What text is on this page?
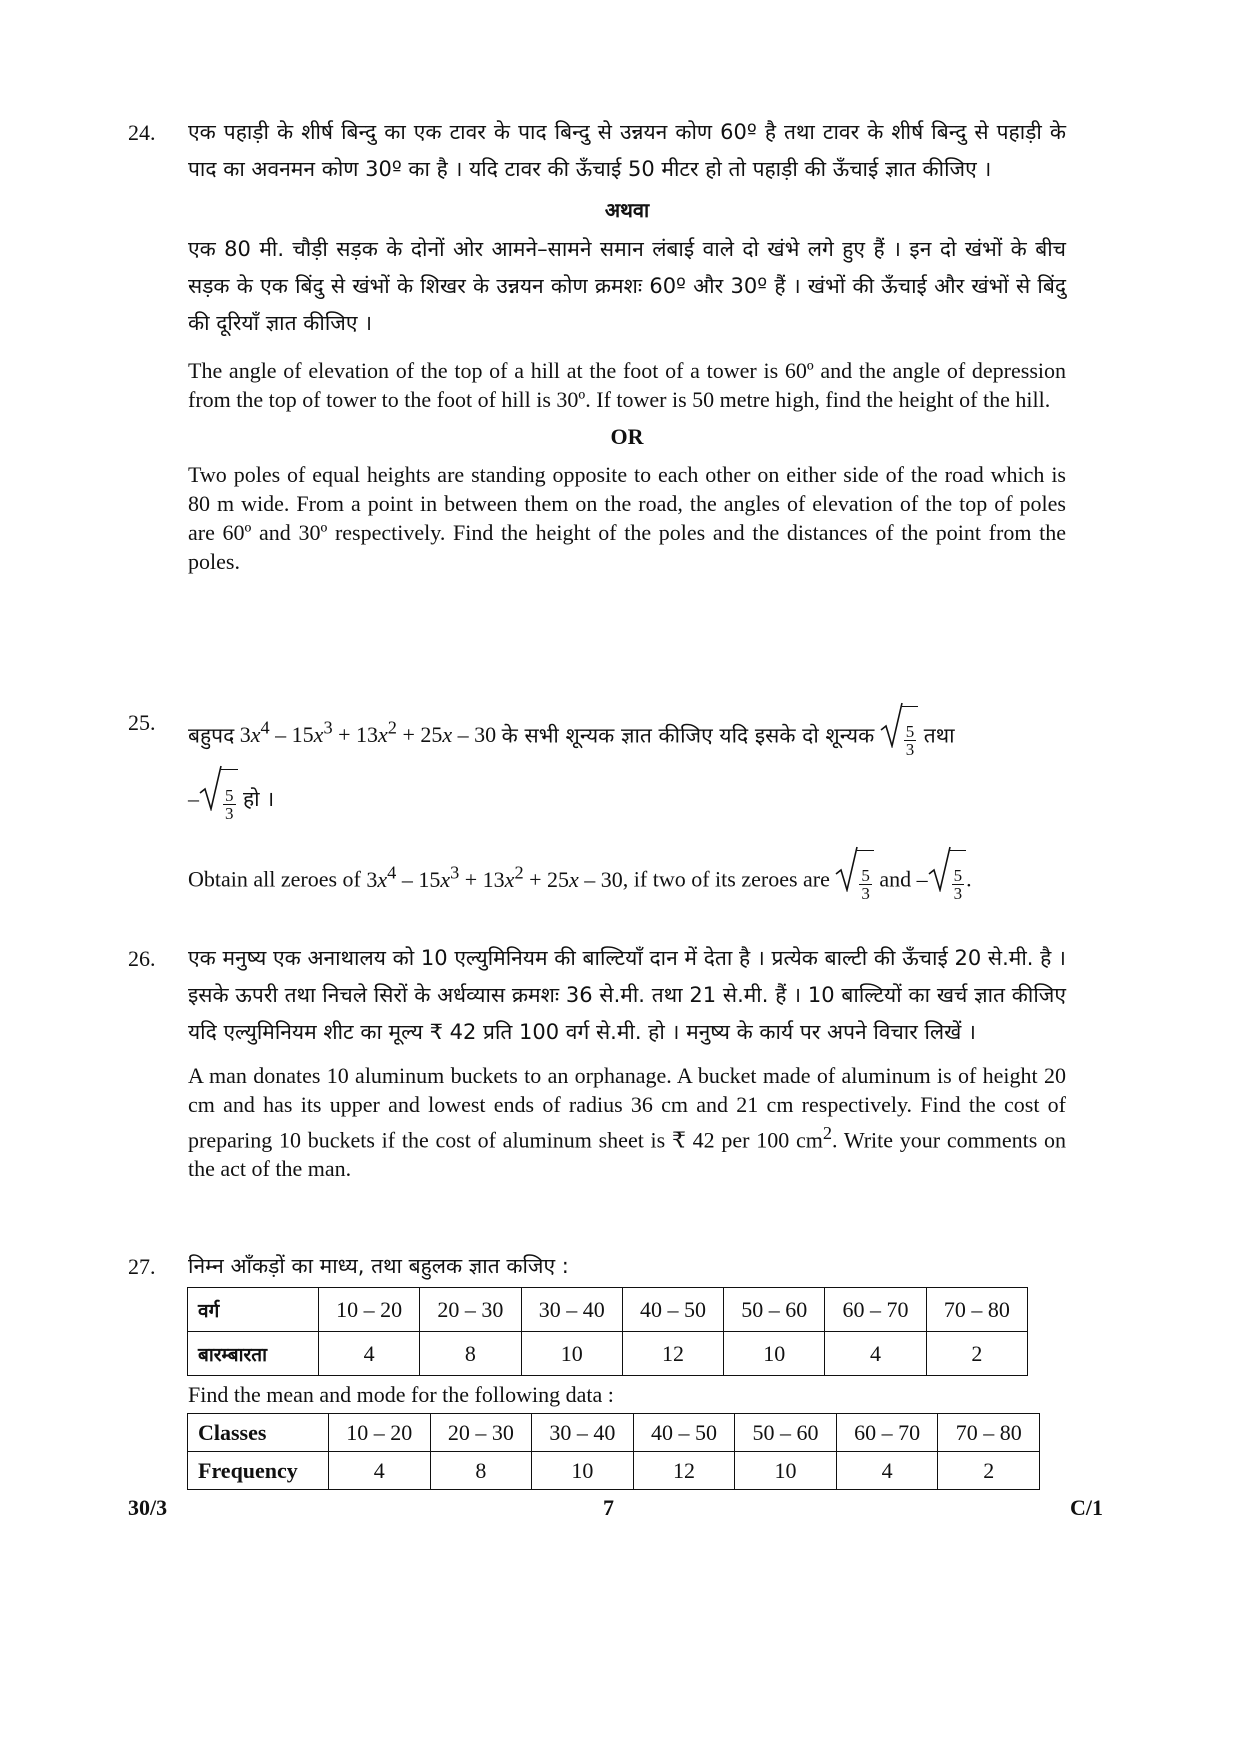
24. एक पहाड़ी के शीर्ष बिन्दु का एक टावर के पाद बिन्दु से उन्नयन कोण 60º है तथा टावर के शीर्ष बिन्दु से पहाड़ी के पाद का अवनमन कोण 30º का है । यदि टावर की ऊँचाई 50 मीटर हो तो पहाड़ी की ऊँचाई ज्ञात कीजिए ।

अथवा

एक 80 मी. चौड़ी सड़क के दोनों ओर आमने–सामने समान लंबाई वाले दो खंभे लगे हुए हैं । इन दो खंभों के बीच सड़क के एक बिंदु से खंभों के शिखर के उन्नयन कोण क्रमशः 60º और 30º हैं । खंभों की ऊँचाई और खंभों से बिंदु की दूरियाँ ज्ञात कीजिए ।

The angle of elevation of the top of a hill at the foot of a tower is 60º and the angle of depression from the top of tower to the foot of hill is 30º. If tower is 50 metre high, find the height of the hill.

OR

Two poles of equal heights are standing opposite to each other on either side of the road which is 80 m wide. From a point in between them on the road, the angles of elevation of the top of poles are 60º and 30º respectively. Find the height of the poles and the distances of the point from the poles.

25.
बहुपद $3x^4 - 15x^3 + 13x^2 + 25x - 30$ के सभी शून्यक ज्ञात कीजिए यदि इसके दो शून्यक $\frac{5}{3}$ तथा
– $\frac{5}{3}$ हो ।
Obtain all zeroes of $3x^4 - 15x^3 + 13x^2 + 25x - 30$, if two of its zeroes are $\frac{5}{3}$ and – $\frac{5}{3}$ .
26. एक मनुष्य एक अनाथालय को 10 एल्युमिनियम की बाल्टियाँ दान में देता है । प्रत्येक बाल्टी की ऊँचाई 20 से.मी. है । इसके ऊपरी तथा निचले सिरों के अर्धव्यास क्रमशः 36 से.मी. तथा 21 से.मी. हैं । 10 बाल्टियों का खर्च ज्ञात कीजिए यदि एल्युमिनियम शीट का मूल्य ₹ 42 प्रति 100 वर्ग से.मी. हो । मनुष्य के कार्य पर अपने विचार लिखें ।

A man donates 10 aluminum buckets to an orphanage. A bucket made of aluminum is of height 20 cm and has its upper and lowest ends of radius 36 cm and 21 cm respectively. Find the cost of preparing 10 buckets if the cost of aluminum sheet is ₹ 42 per 100 $cm^2$. Write your comments on the act of the man.

27. निम्न आँकड़ों का माध्य, तथा बहुलक ज्ञात कजिए :

वर्ग	10 – 20	20 – 30	30 – 40	40 – 50	50 – 60	60 – 70	70 – 80
बारम्बारता	4	8	10	12	10	4	2

Find the mean and mode for the following data :

Classes	10 – 20	20 – 30	30 – 40	40 – 50	50 – 60	60 – 70	70 – 80
Frequency	4	8	10	12	10	4	2
30/3	7	C/1
